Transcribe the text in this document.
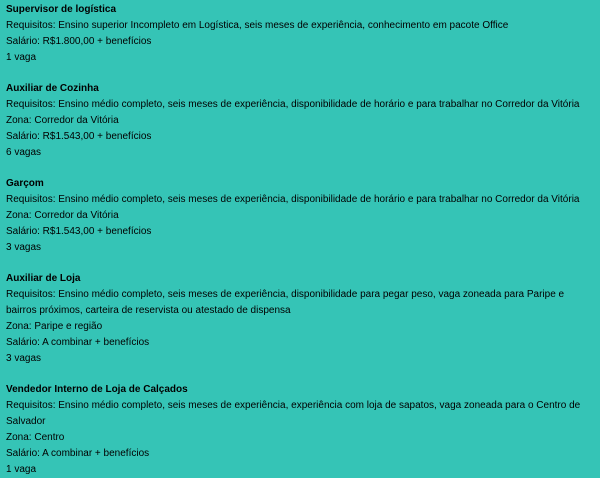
Supervisor de logística
Requisitos: Ensino superior Incompleto em Logística, seis meses de experiência, conhecimento em pacote Office
Salário: R$1.800,00 + benefícios
1 vaga
Auxiliar de Cozinha
Requisitos: Ensino médio completo, seis meses de experiência, disponibilidade de horário e para trabalhar no Corredor da Vitória
Zona: Corredor da Vitória
Salário: R$1.543,00 + benefícios
6 vagas
Garçom
Requisitos: Ensino médio completo, seis meses de experiência, disponibilidade de horário e para trabalhar no Corredor da Vitória
Zona: Corredor da Vitória
Salário: R$1.543,00 + benefícios
3 vagas
Auxiliar de Loja
Requisitos: Ensino médio completo, seis meses de experiência, disponibilidade para pegar peso, vaga zoneada para Paripe e bairros próximos, carteira de reservista ou atestado de dispensa
Zona: Paripe e região
Salário: A combinar + benefícios
3 vagas
Vendedor Interno de Loja de Calçados
Requisitos: Ensino médio completo, seis meses de experiência, experiência com loja de sapatos, vaga zoneada para o Centro de Salvador
Zona: Centro
Salário: A combinar + benefícios
1 vaga
